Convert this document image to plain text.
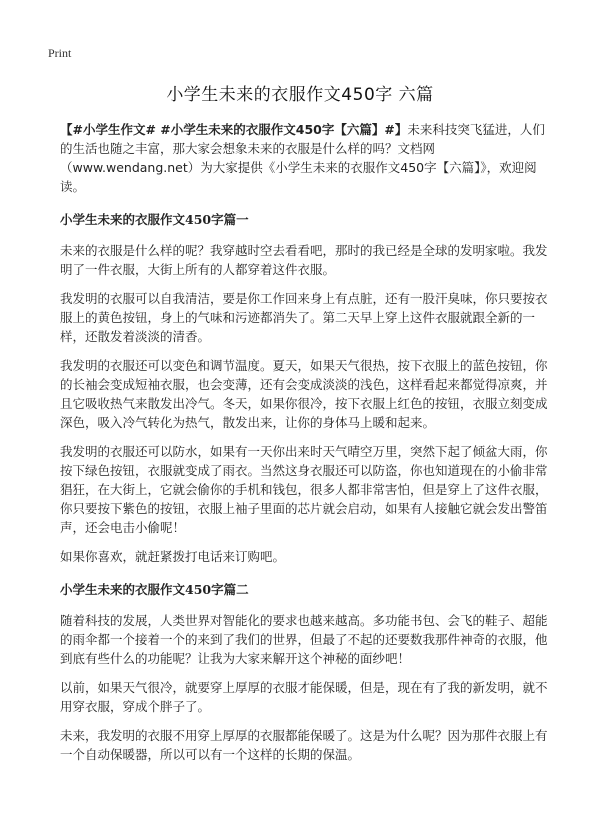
Print
小学生未来的衣服作文450字 六篇

【#小学生作文# #小学生未来的衣服作文450字【六篇】#】未来科技突飞猛进，人们的生活也随之丰富，那大家会想象未来的衣服是什么样的吗？文档网（www.wendang.net）为大家提供《小学生未来的衣服作文450字【六篇】》，欢迎阅读。

小学生未来的衣服作文450字篇一

未来的衣服是什么样的呢？我穿越时空去看看吧，那时的我已经是全球的发明家啦。我发明了一件衣服，大街上所有的人都穿着这件衣服。

我发明的衣服可以自我清洁，要是你工作回来身上有点脏，还有一股汗臭味，你只要按衣服上的黄色按钮，身上的气味和污迹都消失了。第二天早上穿上这件衣服就跟全新的一样，还散发着淡淡的清香。

我发明的衣服还可以变色和调节温度。夏天，如果天气很热，按下衣服上的蓝色按钮，你的长袖会变成短袖衣服，也会变薄，还有会变成淡淡的浅色，这样看起来都觉得凉爽，并且它吸收热气来散发出冷气。冬天，如果你很冷，按下衣服上红色的按钮，衣服立刻变成深色，吸入冷气转化为热气，散发出来，让你的身体马上暖和起来。

我发明的衣服还可以防水，如果有一天你出来时天气晴空万里，突然下起了倾盆大雨，你按下绿色按钮，衣服就变成了雨衣。当然这身衣服还可以防盗，你也知道现在的小偷非常猖狂，在大街上，它就会偷你的手机和钱包，很多人都非常害怕，但是穿上了这件衣服，你只要按下紫色的按钮，衣服上袖子里面的芯片就会启动，如果有人接触它就会发出警笛声，还会电击小偷呢！

如果你喜欢，就赶紧拨打电话来订购吧。

小学生未来的衣服作文450字篇二

随着科技的发展，人类世界对智能化的要求也越来越高。多功能书包、会飞的鞋子、超能的雨伞都一个接着一个的来到了我们的世界，但最了不起的还要数我那件神奇的衣服，他到底有些什么的功能呢？让我为大家来解开这个神秘的面纱吧！

以前，如果天气很冷，就要穿上厚厚的衣服才能保暖，但是，现在有了我的新发明，就不用穿衣服，穿成个胖子了。

未来，我发明的衣服不用穿上厚厚的衣服都能保暖了。这是为什么呢？因为那件衣服上有一个自动保暖器，所以可以有一个这样的长期的保温。
